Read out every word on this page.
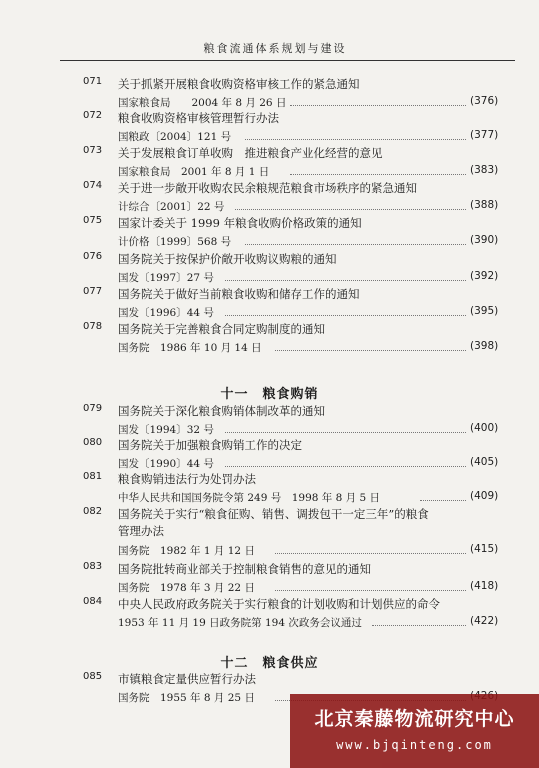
粮食流通体系规划与建设
071 关于抓紧开展粮食收购资格审核工作的紧急通知
国家粮食局　　2004 年 8 月 26 日	(376)
072 粮食收购资格审核管理暂行办法
国粮政〔2004〕121 号	(377)
073 关于发展粮食订单收购　推进粮食产业化经营的意见
国家粮食局　2001 年 8 月 1 日	(383)
074 关于进一步敞开收购农民余粮规范粮食市场秩序的紧急通知
计综合〔2001〕22 号	(388)
075 国家计委关于 1999 年粮食收购价格政策的通知
计价格〔1999〕568 号	(390)
076 国务院关于按保护价敞开收购议购粮的通知
国发〔1997〕27 号	(392)
077 国务院关于做好当前粮食收购和储存工作的通知
国发〔1996〕44 号	(395)
078 国务院关于完善粮食合同定购制度的通知
国务院　1986 年 10 月 14 日	(398)
十一 粮食购销
079 国务院关于深化粮食购销体制改革的通知
国发〔1994〕32 号	(400)
080 国务院关于加强粮食购销工作的决定
国发〔1990〕44 号	(405)
081 粮食购销违法行为处罚办法
中华人民共和国国务院令第 249 号　1998 年 8 月 5 日	(409)
082 国务院关于实行“粮食征购、销售、调拨包干一定三年”的粮食
管理办法
国务院　1982 年 1 月 12 日	(415)
083 国务院批转商业部关于控制粮食销售的意见的通知
国务院　1978 年 3 月 22 日	(418)
084 中央人民政府政务院关于实行粮食的计划收购和计划供应的命令
1953 年 11 月 19 日政务院第 194 次政务会议通过	(422)
十二 粮食供应
085 市镇粮食定量供应暂行办法
国务院　1955 年 8 月 25 日
北京秦藤物流研究中心
www.bjqinteng.com
